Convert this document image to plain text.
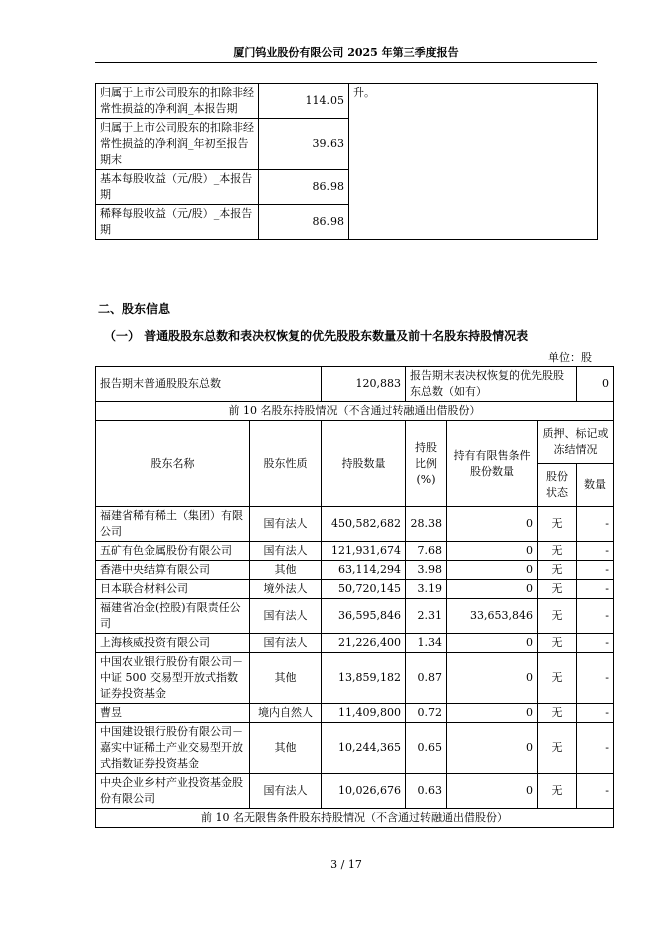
厦门钨业股份有限公司 2025 年第三季度报告
归属于上市公司股东的扣除非经常性损益的净利润_本报告期	114.05	升。
归属于上市公司股东的扣除非经常性损益的净利润_年初至报告期末	39.63	
基本每股收益（元/股）_本报告期	86.98	
稀释每股收益（元/股）_本报告期	86.98	
二、股东信息
（一） 普通股股东总数和表决权恢复的优先股股东数量及前十名股东持股情况表
单位：股
报告期末普通股股东总数		120,883	报告期末表决权恢复的优先股股东总数（如有）			0
前 10 名股东持股情况（不含通过转融通出借股份）						
股东名称	股东性质	持股数量	持股比例(%)	持有有限售条件股份数量	质押、标记或冻结情况	
					股份状态	数量
福建省稀有稀土（集团）有限公司	国有法人	450,582,682	28.38	0	无	-
五矿有色金属股份有限公司	国有法人	121,931,674	7.68	0	无	-
香港中央结算有限公司	其他	63,114,294	3.98	0	无	-
日本联合材料公司	境外法人	50,720,145	3.19	0	无	-
福建省冶金(控股)有限责任公司	国有法人	36,595,846	2.31	33,653,846	无	-
上海核威投资有限公司	国有法人	21,226,400	1.34	0	无	-
中国农业银行股份有限公司－中证 500 交易型开放式指数证券投资基金	其他	13,859,182	0.87	0	无	-
曹昱	境内自然人	11,409,800	0.72	0	无	-
中国建设银行股份有限公司－嘉实中证稀土产业交易型开放式指数证券投资基金	其他	10,244,365	0.65	0	无	-
中央企业乡村产业投资基金股份有限公司	国有法人	10,026,676	0.63	0	无	-
前 10 名无限售条件股东持股情况（不含通过转融通出借股份）						
3 / 17
